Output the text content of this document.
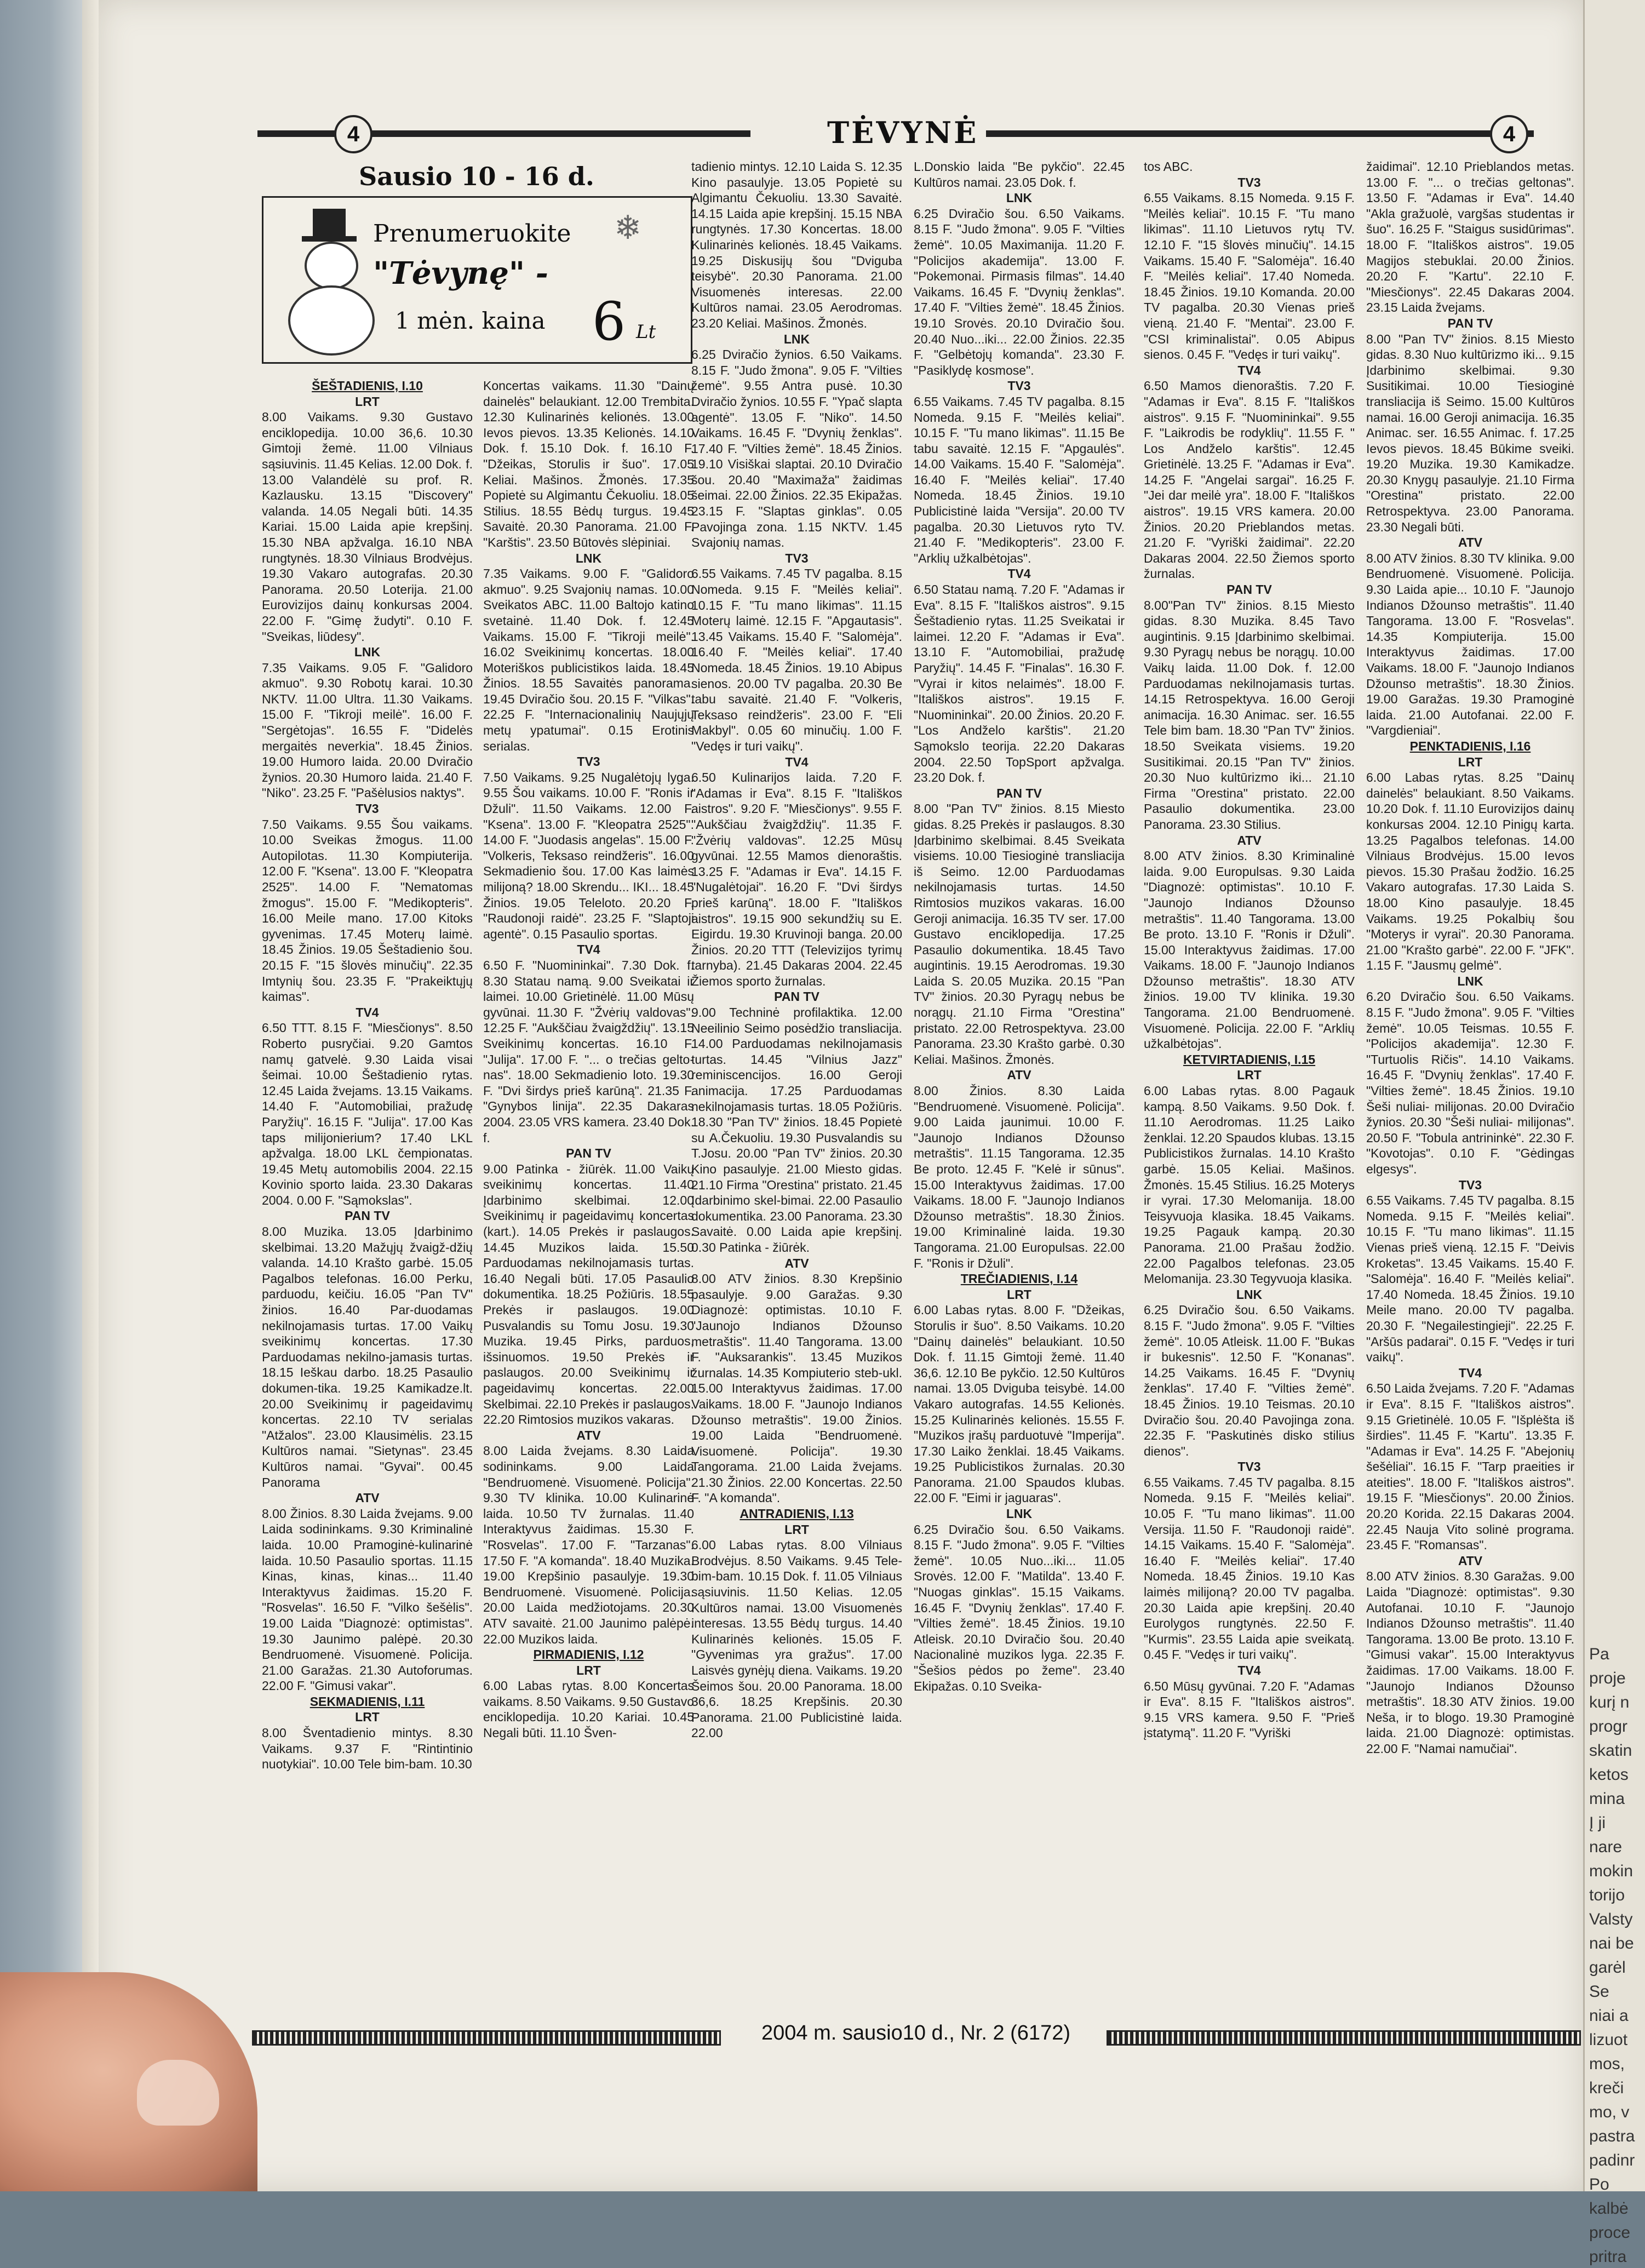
4	TĖVYNĖ	4
Sausio 10 - 16 d.
❄
Prenumeruokite
"Tėvynę" -
1 mėn. kaina 6 Lt

ŠEŠTADIENIS, I.10

LRT

8.00 Vaikams. 9.30 Gustavo enciklopedija. 10.00 36,6. 10.30 Gimtoji žemė. 11.00 Vilniaus sąsiuvinis. 11.45 Kelias. 12.00 Dok. f. 13.00 Valandėlė su prof. R. Kazlausku. 13.15 "Discovery" valanda. 14.05 Negali būti. 14.35 Kariai. 15.00 Laida apie krepšinį. 15.30 NBA apžvalga. 16.10 NBA rungtynės. 18.30 Vilniaus Brodvėjus. 19.30 Vakaro autografas. 20.30 Panorama. 20.50 Loterija. 21.00 Eurovizijos dainų konkursas 2004. 22.00 F. "Gimę žudyti". 0.10 F. "Sveikas, liūdesy".

LNK

7.35 Vaikams. 9.05 F. "Galidoro akmuo". 9.30 Robotų karai. 10.30 NKTV. 11.00 Ultra. 11.30 Vaikams. 15.00 F. "Tikroji meilė". 16.00 F. "Sergėtojas". 16.55 F. "Didelės mergaitės neverkia". 18.45 Žinios. 19.00 Humoro laida. 20.00 Dviračio žynios. 20.30 Humoro laida. 21.40 F. "Niko". 23.25 F. "Pašėlusios naktys".

TV3

7.50 Vaikams. 9.55 Šou vaikams. 10.00 Sveikas žmogus. 11.00 Autopilotas. 11.30 Kompiuterija. 12.00 F. "Ksena". 13.00 F. "Kleopatra 2525". 14.00 F. "Nematomas žmogus". 15.00 F. "Medikopteris". 16.00 Meile mano. 17.00 Kitoks gyvenimas. 17.45 Moterų laimė. 18.45 Žinios. 19.05 Šeštadienio šou. 20.15 F. "15 šlovės minučių". 22.35 Imtynių šou. 23.35 F. "Prakeiktųjų kaimas".

TV4

6.50 TTT. 8.15 F. "Miesčionys". 8.50 Roberto pusryčiai. 9.20 Gamtos namų gatvelė. 9.30 Laida visai šeimai. 10.00 Šeštadienio rytas. 12.45 Laida žvejams. 13.15 Vaikams. 14.40 F. "Automobiliai, pražudę Paryžių". 16.15 F. "Julija". 17.00 Kas taps milijonierium? 17.40 LKL apžvalga. 18.00 LKL čempionatas. 19.45 Metų automobilis 2004. 22.15 Kovinio sporto laida. 23.30 Dakaras 2004. 0.00 F. "Sąmokslas".

PAN TV

8.00 Muzika. 13.05 Įdarbinimo skelbimai. 13.20 Mažųjų žvaigž-džių valanda. 14.10 Krašto garbė. 15.05 Pagalbos telefonas. 16.00 Perku, parduodu, keičiu. 16.05 "Pan TV" žinios. 16.40 Par-duodamas nekilnojamasis turtas. 17.00 Vaikų sveikinimų koncertas. 17.30 Parduodamas nekilno-jamasis turtas. 18.15 Ieškau darbo. 18.25 Pasaulio dokumen-tika. 19.25 Kamikadze.lt. 20.00 Sveikinimų ir pageidavimų koncertas. 22.10 TV serialas "Atžalos". 23.00 Klausimėlis. 23.15 Kultūros namai. "Sietynas". 23.45 Kultūros namai. "Gyvai". 00.45 Panorama

ATV

8.00 Žinios. 8.30 Laida žvejams. 9.00 Laida sodininkams. 9.30 Kriminalinė laida. 10.00 Pramoginė-kulinarinė laida. 10.50 Pasaulio sportas. 11.15 Kinas, kinas, kinas... 11.40 Interaktyvus žaidimas. 15.20 F. "Rosvelas". 16.50 F. "Vilko šešėlis". 19.00 Laida "Diagnozė: optimistas". 19.30 Jaunimo palėpė. 20.30 Bendruomenė. Visuomenė. Policija. 21.00 Garažas. 21.30 Autoforumas. 22.00 F. "Gimusi vakar".

SEKMADIENIS, I.11

LRT

8.00 Šventadienio mintys. 8.30 Vaikams. 9.37 F. "Rintintinio nuotykiai". 10.00 Tele bim-bam. 10.30

Koncertas vaikams. 11.30 "Dainų dainelės" belaukiant. 12.00 Trembita. 12.30 Kulinarinės kelionės. 13.00 Ievos pievos. 13.35 Kelionės. 14.10 Dok. f. 15.10 Dok. f. 16.10 F. "Džeikas, Storulis ir šuo". 17.05 Keliai. Mašinos. Žmonės. 17.35 Popietė su Algimantu Čekuoliu. 18.05 Stilius. 18.55 Bėdų turgus. 19.45 Savaitė. 20.30 Panorama. 21.00 F. "Karštis". 23.50 Būtovės slėpiniai.

LNK

7.35 Vaikams. 9.00 F. "Galidoro akmuo". 9.25 Svajonių namas. 10.00 Sveikatos ABC. 11.00 Baltojo katino svetainė. 11.40 Dok. f. 12.45 Vaikams. 15.00 F. "Tikroji meilė". 16.02 Sveikinimų koncertas. 18.00 Moteriškos publicistikos laida. 18.45 Žinios. 18.55 Savaitės panorama. 19.45 Dviračio šou. 20.15 F. "Vilkas". 22.25 F. "Internacionalinių Naujųjų metų ypatumai". 0.15 Erotinis serialas.

TV3

7.50 Vaikams. 9.25 Nugalėtojų lyga. 9.55 Šou vaikams. 10.00 F. "Ronis ir Džuli". 11.50 Vaikams. 12.00 F. "Ksena". 13.00 F. "Kleopatra 2525". 14.00 F. "Juodasis angelas". 15.00 F. "Volkeris, Teksaso reindžeris". 16.00 Sekmadienio šou. 17.00 Kas laimės milijoną? 18.00 Skrendu... IKI... 18.45 Žinios. 19.05 Teleloto. 20.20 F. "Raudonoji raidė". 23.25 F. "Slaptoji agentė". 0.15 Pasaulio sportas.

TV4

6.50 F. "Nuomininkai". 7.30 Dok. f. 8.30 Statau namą. 9.00 Sveikatai ir laimei. 10.00 Grietinėlė. 11.00 Mūsų gyvūnai. 11.30 F. "Žvėrių valdovas". 12.25 F. "Aukščiau žvaigždžių". 13.15 Sveikinimų koncertas. 16.10 F. "Julija". 17.00 F. "... o trečias gelto-nas". 18.00 Sekmadienio loto. 19.30 F. "Dvi širdys prieš karūną". 21.35 F. "Gynybos linija". 22.35 Dakaras 2004. 23.05 VRS kamera. 23.40 Dok. f.

PAN TV

9.00 Patinka - žiūrėk. 11.00 Vaikų sveikinimų koncertas. 11.40 Įdarbinimo skelbimai. 12.00 Sveikinimų ir pageidavimų koncertas (kart.). 14.05 Prekės ir paslaugos. 14.45 Muzikos laida. 15.50 Parduodamas nekilnojamasis turtas. 16.40 Negali būti. 17.05 Pasaulio dokumentika. 18.25 Požiūris. 18.55 Prekės ir paslaugos. 19.00 Pusvalandis su Tomu Josu. 19.30 Muzika. 19.45 Pirks, parduos, išsinuomos. 19.50 Prekės ir paslaugos. 20.00 Sveikinimų ir pageidavimų koncertas. 22.00 Skelbimai. 22.10 Prekės ir paslaugos. 22.20 Rimtosios muzikos vakaras.

ATV

8.00 Laida žvejams. 8.30 Laida sodininkams. 9.00 Laida "Bendruomenė. Visuomenė. Policija". 9.30 TV klinika. 10.00 Kulinarinė laida. 10.50 TV žurnalas. 11.40 Interaktyvus žaidimas. 15.30 F. "Rosvelas". 17.00 F. "Tarzanas". 17.50 F. "A komanda". 18.40 Muzika. 19.00 Krepšinio pasaulyje. 19.30 Bendruomenė. Visuomenė. Policija. 20.00 Laida medžiotojams. 20.30 ATV savaitė. 21.00 Jaunimo palėpė. 22.00 Muzikos laida.

PIRMADIENIS, I.12

LRT

6.00 Labas rytas. 8.00 Koncertas vaikams. 8.50 Vaikams. 9.50 Gustavo enciklopedija. 10.20 Kariai. 10.45 Negali būti. 11.10 Šven-

tadienio mintys. 12.10 Laida S. 12.35 Kino pasaulyje. 13.05 Popietė su Algimantu Čekuoliu. 13.30 Savaitė. 14.15 Laida apie krepšinį. 15.15 NBA rungtynės. 17.30 Koncertas. 18.00 Kulinarinės kelionės. 18.45 Vaikams. 19.25 Diskusijų šou "Dviguba teisybė". 20.30 Panorama. 21.00 Visuomenės interesas. 22.00 Kultūros namai. 23.05 Aerodromas. 23.20 Keliai. Mašinos. Žmonės.

LNK

6.25 Dviračio žynios. 6.50 Vaikams. 8.15 F. "Judo žmona". 9.05 F. "Vilties žemė". 9.55 Antra pusė. 10.30 Dviračio žynios. 10.55 F. "Ypač slapta agentė". 13.05 F. "Niko". 14.50 Vaikams. 16.45 F. "Dvynių ženklas". 17.40 F. "Vilties žemė". 18.45 Žinios. 19.10 Visiškai slaptai. 20.10 Dviračio šou. 20.40 "Maximaža" žaidimas šeimai. 22.00 Žinios. 22.35 Ekipažas. 23.15 F. "Slaptas ginklas". 0.05 Pavojinga zona. 1.15 NKTV. 1.45 Svajonių namas.

TV3

6.55 Vaikams. 7.45 TV pagalba. 8.15 Nomeda. 9.15 F. "Meilės keliai". 10.15 F. "Tu mano likimas". 11.15 Moterų laimė. 12.15 F. "Apgautasis". 13.45 Vaikams. 15.40 F. "Salomėja". 16.40 F. "Meilės keliai". 17.40 Nomeda. 18.45 Žinios. 19.10 Abipus sienos. 20.00 TV pagalba. 20.30 Be tabu savaitė. 21.40 F. "Volkeris, Teksaso reindžeris". 23.00 F. "Eli Makbyl". 0.05 60 minučių. 1.00 F. "Vedęs ir turi vaikų".

TV4

6.50 Kulinarijos laida. 7.20 F. "Adamas ir Eva". 8.15 F. "Itališkos aistros". 9.20 F. "Miesčionys". 9.55 F. "Aukščiau žvaigždžių". 11.35 F. "Žvėrių valdovas". 12.25 Mūsų gyvūnai. 12.55 Mamos dienoraštis. 13.25 F. "Adamas ir Eva". 14.15 F. "Nugalėtojai". 16.20 F. "Dvi širdys prieš karūną". 18.00 F. "Itališkos aistros". 19.15 900 sekundžių su E. Eigirdu. 19.30 Kruvinoji banga. 20.00 Žinios. 20.20 TTT (Televizijos tyrimų tarnyba). 21.45 Dakaras 2004. 22.45 Žiemos sporto žurnalas.

PAN TV

9.00 Techninė profilaktika. 12.00 Neeilinio Seimo posėdžio transliacija. 14.00 Parduodamas nekilnojamasis turtas. 14.45 "Vilnius Jazz" reminiscencijos. 16.00 Geroji animacija. 17.25 Parduodamas nekilnojamasis turtas. 18.05 Požiūris. 18.30 "Pan TV" žinios. 18.45 Popietė su A.Čekuoliu. 19.30 Pusvalandis su T.Josu. 20.00 "Pan TV" žinios. 20.30 Kino pasaulyje. 21.00 Miesto gidas. 21.10 Firma "Orestina" pristato. 21.45 Įdarbinimo skel-bimai. 22.00 Pasaulio dokumentika. 23.00 Panorama. 23.30 Savaitė. 0.00 Laida apie krepšinį. 0.30 Patinka - žiūrėk.

ATV

8.00 ATV žinios. 8.30 Krepšinio pasaulyje. 9.00 Garažas. 9.30 Diagnozė: optimistas. 10.10 F. "Jaunojo Indianos Džounso metraštis". 11.40 Tangorama. 13.00 F. "Auksarankis". 13.45 Muzikos žurnalas. 14.35 Kompiuterio steb-ukl. 15.00 Interaktyvus žaidimas. 17.00 Vaikams. 18.00 F. "Jaunojo Indianos Džounso metraštis". 19.00 Žinios. 19.00 Laida "Bendruomenė. Visuomenė. Policija". 19.30 Tangorama. 21.00 Laida žvejams. 21.30 Žinios. 22.00 Koncertas. 22.50 F. "A komanda".

ANTRADIENIS, I.13

LRT

6.00 Labas rytas. 8.00 Vilniaus Brodvėjus. 8.50 Vaikams. 9.45 Tele-bim-bam. 10.15 Dok. f. 11.05 Vilniaus sąsiuvinis. 11.50 Kelias. 12.05 Kultūros namai. 13.00 Visuomenės interesas. 13.55 Bėdų turgus. 14.40 Kulinarinės kelionės. 15.05 F. "Gyvenimas yra gražus". 17.00 Laisvės gynėjų diena. Vaikams. 19.20 Šeimos šou. 20.00 Panorama. 18.00 36,6. 18.25 Krepšinis. 20.30 Panorama. 21.00 Publicistinė laida. 22.00

L.Donskio laida "Be pykčio". 22.45 Kultūros namai. 23.05 Dok. f.

LNK

6.25 Dviračio šou. 6.50 Vaikams. 8.15 F. "Judo žmona". 9.05 F. "Vilties žemė". 10.05 Maximanija. 11.20 F. "Policijos akademija". 13.00 F. "Pokemonai. Pirmasis filmas". 14.40 Vaikams. 16.45 F. "Dvynių ženklas". 17.40 F. "Vilties žemė". 18.45 Žinios. 19.10 Srovės. 20.10 Dviračio šou. 20.40 Nuo...iki... 22.00 Žinios. 22.35 F. "Gelbėtojų komanda". 23.30 F. "Pasiklydę kosmose".

TV3

6.55 Vaikams. 7.45 TV pagalba. 8.15 Nomeda. 9.15 F. "Meilės keliai". 10.15 F. "Tu mano likimas". 11.15 Be tabu savaitė. 12.15 F. "Apgaulės". 14.00 Vaikams. 15.40 F. "Salomėja". 16.40 F. "Meilės keliai". 17.40 Nomeda. 18.45 Žinios. 19.10 Publicistinė laida "Versija". 20.00 TV pagalba. 20.30 Lietuvos ryto TV. 21.40 F. "Medikopteris". 23.00 F. "Arklių užkalbėtojas".

TV4

6.50 Statau namą. 7.20 F. "Adamas ir Eva". 8.15 F. "Itališkos aistros". 9.15 Šeštadienio rytas. 11.25 Sveikatai ir laimei. 12.20 F. "Adamas ir Eva". 13.10 F. "Automobiliai, pražudę Paryžių". 14.45 F. "Finalas". 16.30 F. "Vyrai ir kitos nelaimės". 18.00 F. "Itališkos aistros". 19.15 F. "Nuomininkai". 20.00 Žinios. 20.20 F. "Los Andželo karštis". 21.20 Sąmokslo teorija. 22.20 Dakaras 2004. 22.50 TopSport apžvalga. 23.20 Dok. f.

PAN TV

8.00 "Pan TV" žinios. 8.15 Miesto gidas. 8.25 Prekės ir paslaugos. 8.30 Įdarbinimo skelbimai. 8.45 Sveikata visiems. 10.00 Tiesioginė transliacija iš Seimo. 12.00 Parduodamas nekilnojamasis turtas. 14.50 Rimtosios muzikos vakaras. 16.00 Geroji animacija. 16.35 TV ser. 17.00 Gustavo enciklopedija. 17.25 Pasaulio dokumentika. 18.45 Tavo augintinis. 19.15 Aerodromas. 19.30 Laida S. 20.05 Muzika. 20.15 "Pan TV" žinios. 20.30 Pyragų nebus be norągų. 21.10 Firma "Orestina" pristato. 22.00 Retrospektyva. 23.00 Panorama. 23.30 Krašto garbė. 0.30 Keliai. Mašinos. Žmonės.

ATV

8.00 Žinios. 8.30 Laida "Bendruomenė. Visuomenė. Policija". 9.00 Laida jaunimui. 10.00 F. "Jaunojo Indianos Džounso metraštis". 11.15 Tangorama. 12.35 Be proto. 12.45 F. "Kelė ir sūnus". 15.00 Interaktyvus žaidimas. 17.00 Vaikams. 18.00 F. "Jaunojo Indianos Džounso metraštis". 18.30 Žinios. 19.00 Kriminalinė laida. 19.30 Tangorama. 21.00 Europulsas. 22.00 F. "Ronis ir Džuli".

TREČIADIENIS, I.14

LRT

6.00 Labas rytas. 8.00 F. "Džeikas, Storulis ir šuo". 8.50 Vaikams. 10.20 "Dainų dainelės" belaukiant. 10.50 Dok. f. 11.15 Gimtoji žemė. 11.40 36,6. 12.10 Be pykčio. 12.50 Kultūros namai. 13.05 Dviguba teisybė. 14.00 Vakaro autografas. 14.55 Kelionės. 15.25 Kulinarinės kelionės. 15.55 F. "Muzikos įrašų parduotuvė "Imperija". 17.30 Laiko ženklai. 18.45 Vaikams. 19.25 Publicistikos žurnalas. 20.30 Panorama. 21.00 Spaudos klubas. 22.00 F. "Eimi ir jaguaras".

LNK

6.25 Dviračio šou. 6.50 Vaikams. 8.15 F. "Judo žmona". 9.05 F. "Vilties žemė". 10.05 Nuo...iki... 11.05 Srovės. 12.00 F. "Matilda". 13.40 F. "Nuogas ginklas". 15.15 Vaikams. 16.45 F. "Dvynių ženklas". 17.40 F. "Vilties žemė". 18.45 Žinios. 19.10 Atleisk. 20.10 Dviračio šou. 20.40 Nacionalinė muzikos lyga. 22.35 F. "Šešios pėdos po žeme". 23.40 Ekipažas. 0.10 Sveika-

tos ABC.

TV3

6.55 Vaikams. 8.15 Nomeda. 9.15 F. "Meilės keliai". 10.15 F. "Tu mano likimas". 11.10 Lietuvos rytų TV. 12.10 F. "15 šlovės minučių". 14.15 Vaikams. 15.40 F. "Salomėja". 16.40 F. "Meilės keliai". 17.40 Nomeda. 18.45 Žinios. 19.10 Komanda. 20.00 TV pagalba. 20.30 Vienas prieš vieną. 21.40 F. "Mentai". 23.00 F. "CSI kriminalistai". 0.05 Abipus sienos. 0.45 F. "Vedęs ir turi vaikų".

TV4

6.50 Mamos dienoraštis. 7.20 F. "Adamas ir Eva". 8.15 F. "Itališkos aistros". 9.15 F. "Nuomininkai". 9.55 F. "Laikrodis be rodyklių". 11.55 F. " Los Andželo karštis". 12.45 Grietinėlė. 13.25 F. "Adamas ir Eva". 14.25 F. "Angelai sargai". 16.25 F. "Jei dar meilė yra". 18.00 F. "Itališkos aistros". 19.15 VRS kamera. 20.00 Žinios. 20.20 Prieblandos metas. 21.20 F. "Vyriški žaidimai". 22.20 Dakaras 2004. 22.50 Žiemos sporto žurnalas.

PAN TV

8.00"Pan TV" žinios. 8.15 Miesto gidas. 8.30 Muzika. 8.45 Tavo augintinis. 9.15 Įdarbinimo skelbimai. 9.30 Pyragų nebus be norągų. 10.00 Vaikų laida. 11.00 Dok. f. 12.00 Parduodamas nekilnojamasis turtas. 14.15 Retrospektyva. 16.00 Geroji animacija. 16.30 Animac. ser. 16.55 Tele bim bam. 18.30 "Pan TV" žinios. 18.50 Sveikata visiems. 19.20 Susitikimai. 20.15 "Pan TV" žinios. 20.30 Nuo kultūrizmo iki... 21.10 Firma "Orestina" pristato. 22.00 Pasaulio dokumentika. 23.00 Panorama. 23.30 Stilius.

ATV

8.00 ATV žinios. 8.30 Kriminalinė laida. 9.00 Europulsas. 9.30 Laida "Diagnozė: optimistas". 10.10 F. "Jaunojo Indianos Džounso metraštis". 11.40 Tangorama. 13.00 Be proto. 13.10 F. "Ronis ir Džuli". 15.00 Interaktyvus žaidimas. 17.00 Vaikams. 18.00 F. "Jaunojo Indianos Džounso metraštis". 18.30 ATV žinios. 19.00 TV klinika. 19.30 Tangorama. 21.00 Bendruomenė. Visuomenė. Policija. 22.00 F. "Arklių užkalbėtojas".

KETVIRTADIENIS, I.15

LRT

6.00 Labas rytas. 8.00 Pagauk kampą. 8.50 Vaikams. 9.50 Dok. f. 11.10 Aerodromas. 11.25 Laiko ženklai. 12.20 Spaudos klubas. 13.15 Publicistikos žurnalas. 14.10 Krašto garbė. 15.05 Keliai. Mašinos. Žmonės. 15.45 Stilius. 16.25 Moterys ir vyrai. 17.30 Melomanija. 18.00 Teisyvuoja klasika. 18.45 Vaikams. 19.25 Pagauk kampą. 20.30 Panorama. 21.00 Prašau žodžio. 22.00 Pagalbos telefonas. 23.05 Melomanija. 23.30 Tegyvuoja klasika.

LNK

6.25 Dviračio šou. 6.50 Vaikams. 8.15 F. "Judo žmona". 9.05 F. "Vilties žemė". 10.05 Atleisk. 11.00 F. "Bukas ir bukesnis". 12.50 F. "Konanas". 14.25 Vaikams. 16.45 F. "Dvynių ženklas". 17.40 F. "Vilties žemė". 18.45 Žinios. 19.10 Teismas. 20.10 Dviračio šou. 20.40 Pavojinga zona. 22.35 F. "Paskutinės disko stilius dienos".

TV3

6.55 Vaikams. 7.45 TV pagalba. 8.15 Nomeda. 9.15 F. "Meilės keliai". 10.05 F. "Tu mano likimas". 11.00 Versija. 11.50 F. "Raudonoji raidė". 14.15 Vaikams. 15.40 F. "Salomėja". 16.40 F. "Meilės keliai". 17.40 Nomeda. 18.45 Žinios. 19.10 Kas laimės milijoną? 20.00 TV pagalba. 20.30 Laida apie krepšinį. 20.40 Eurolygos rungtynės. 22.50 F. "Kurmis". 23.55 Laida apie sveikatą. 0.45 F. "Vedęs ir turi vaikų".

TV4

6.50 Mūsų gyvūnai. 7.20 F. "Adamas ir Eva". 8.15 F. "Itališkos aistros". 9.15 VRS kamera. 9.50 F. "Prieš įstatymą". 11.20 F. "Vyriški

žaidimai". 12.10 Prieblandos metas. 13.00 F. "... o trečias geltonas". 13.50 F. "Adamas ir Eva". 14.40 "Akla gražuolė, vargšas studentas ir šuo". 16.25 F. "Staigus susidūrimas". 18.00 F. "Itališkos aistros". 19.05 Magijos stebuklai. 20.00 Žinios. 20.20 F. "Kartu". 22.10 F. "Miesčionys". 22.45 Dakaras 2004. 23.15 Laida žvejams.

PAN TV

8.00 "Pan TV" žinios. 8.15 Miesto gidas. 8.30 Nuo kultūrizmo iki... 9.15 Įdarbinimo skelbimai. 9.30 Susitikimai. 10.00 Tiesioginė transliacija iš Seimo. 15.00 Kultūros namai. 16.00 Geroji animacija. 16.35 Animac. ser. 16.55 Animac. f. 17.25 Ievos pievos. 18.45 Būkime sveiki. 19.20 Muzika. 19.30 Kamikadze. 20.30 Knygų pasaulyje. 21.10 Firma "Orestina" pristato. 22.00 Retrospektyva. 23.00 Panorama. 23.30 Negali būti.

ATV

8.00 ATV žinios. 8.30 TV klinika. 9.00 Bendruomenė. Visuomenė. Policija. 9.30 Laida apie... 10.10 F. "Jaunojo Indianos Džounso metraštis". 11.40 Tangorama. 13.00 F. "Rosvelas". 14.35 Kompiuterija. 15.00 Interaktyvus žaidimas. 17.00 Vaikams. 18.00 F. "Jaunojo Indianos Džounso metraštis". 18.30 Žinios. 19.00 Garažas. 19.30 Pramoginė laida. 21.00 Autofanai. 22.00 F. "Vargdieniai".

PENKTADIENIS, I.16

LRT

6.00 Labas rytas. 8.25 "Dainų dainelės" belaukiant. 8.50 Vaikams. 10.20 Dok. f. 11.10 Eurovizijos dainų konkursas 2004. 12.10 Pinigų karta. 13.25 Pagalbos telefonas. 14.00 Vilniaus Brodvėjus. 15.00 Ievos pievos. 15.30 Prašau žodžio. 16.25 Vakaro autografas. 17.30 Laida S. 18.00 Kino pasaulyje. 18.45 Vaikams. 19.25 Pokalbių šou "Moterys ir vyrai". 20.30 Panorama. 21.00 "Krašto garbė". 22.00 F. "JFK". 1.15 F. "Jausmų gelmė".

LNK

6.20 Dviračio šou. 6.50 Vaikams. 8.15 F. "Judo žmona". 9.05 F. "Vilties žemė". 10.05 Teismas. 10.55 F. "Policijos akademija". 12.30 F. "Turtuolis Ričis". 14.10 Vaikams. 16.45 F. "Dvynių ženklas". 17.40 F. "Vilties žemė". 18.45 Žinios. 19.10 Šeši nuliai- milijonas. 20.00 Dviračio žynios. 20.30 "Šeši nuliai- milijonas". 20.50 F. "Tobula antrininkė". 22.30 F. "Kovotojas". 0.10 F. "Gėdingas elgesys".

TV3

6.55 Vaikams. 7.45 TV pagalba. 8.15 Nomeda. 9.15 F. "Meilės keliai". 10.15 F. "Tu mano likimas". 11.15 Vienas prieš vieną. 12.15 F. "Deivis Kroketas". 13.45 Vaikams. 15.40 F. "Salomėja". 16.40 F. "Meilės keliai". 17.40 Nomeda. 18.45 Žinios. 19.10 Meile mano. 20.00 TV pagalba. 20.30 F. "Negailestingieji". 22.25 F. "Aršūs padarai". 0.15 F. "Vedęs ir turi vaikų".

TV4

6.50 Laida žvejams. 7.20 F. "Adamas ir Eva". 8.15 F. "Itališkos aistros". 9.15 Grietinėlė. 10.05 F. "Išplėšta iš širdies". 11.45 F. "Kartu". 13.35 F. "Adamas ir Eva". 14.25 F. "Abejonių šešėliai". 16.15 F. "Tarp praeities ir ateities". 18.00 F. "Itališkos aistros". 19.15 F. "Miesčionys". 20.00 Žinios. 20.20 Korida. 22.15 Dakaras 2004. 22.45 Nauja Vito solinė programa. 23.45 F. "Romansas".

ATV

8.00 ATV žinios. 8.30 Garažas. 9.00 Laida "Diagnozė: optimistas". 9.30 Autofanai. 10.10 F. "Jaunojo Indianos Džounso metraštis". 11.40 Tangorama. 13.00 Be proto. 13.10 F. "Gimusi vakar". 15.00 Interaktyvus žaidimas. 17.00 Vaikams. 18.00 F. "Jaunojo Indianos Džounso metraštis". 18.30 ATV žinios. 19.00 Neša, ir to blogo. 19.30 Pramoginė laida. 21.00 Diagnozė: optimistas. 22.00 F. "Namai namučiai".

2004 m. sausio10 d., Nr. 2 (6172)
Pa
proje
kurį n
progr
skatin
ketos
mina
Į ji
nare
mokin
torijo
Valsty
nai be
garėl
Se
niai a
lizuot
mos,
kreči
mo, v
pastra
padinr
Po
kalbė
proce
pritra
